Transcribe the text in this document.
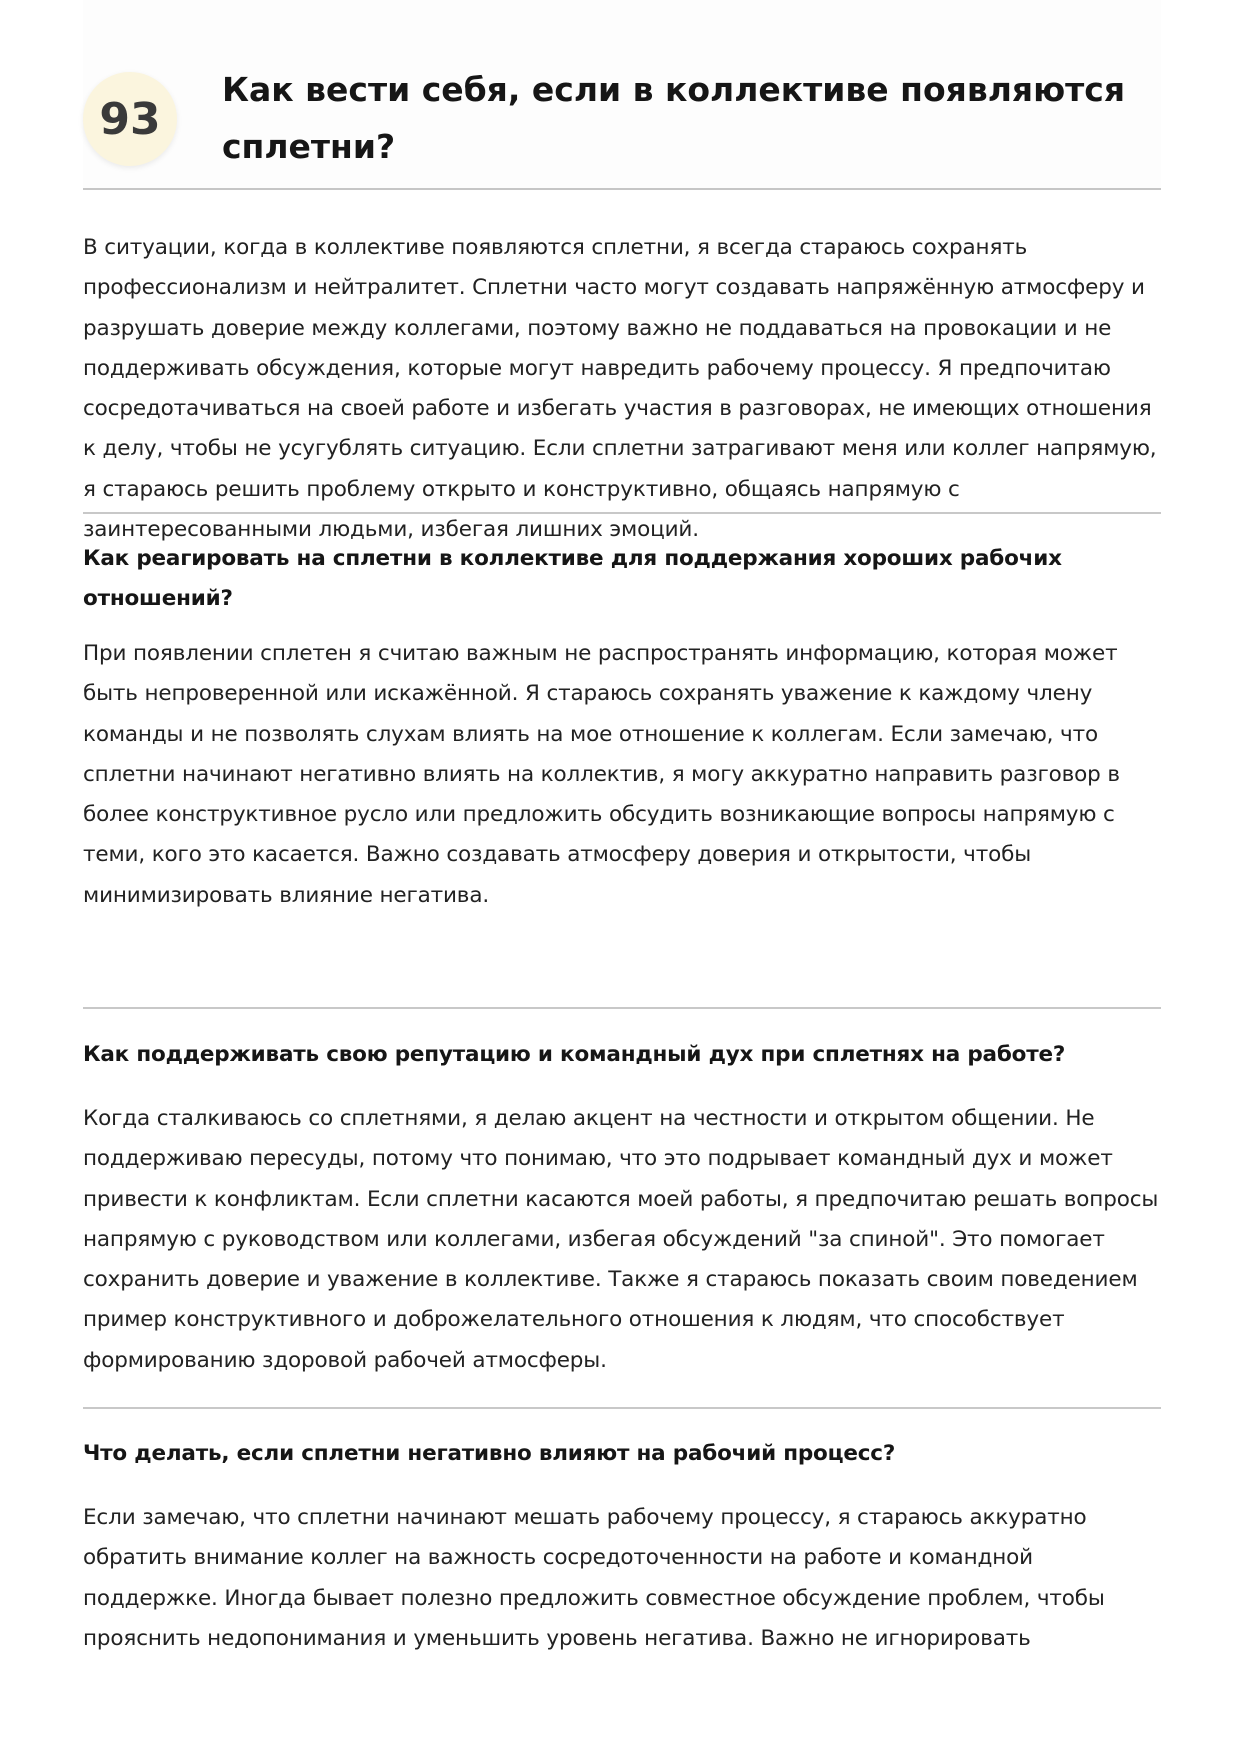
93
Как вести себя, если в коллективе появляются сплетни?

В ситуации, когда в коллективе появляются сплетни, я всегда стараюсь сохранять профессионализм и нейтралитет. Сплетни часто могут создавать напряжённую атмосферу и разрушать доверие между коллегами, поэтому важно не поддаваться на провокации и не поддерживать обсуждения, которые могут навредить рабочему процессу. Я предпочитаю сосредотачиваться на своей работе и избегать участия в разговорах, не имеющих отношения к делу, чтобы не усугублять ситуацию. Если сплетни затрагивают меня или коллег напрямую, я стараюсь решить проблему открыто и конструктивно, общаясь напрямую с заинтересованными людьми, избегая лишних эмоций.

Как реагировать на сплетни в коллективе для поддержания хороших рабочих отношений?

При появлении сплетен я считаю важным не распространять информацию, которая может быть непроверенной или искажённой. Я стараюсь сохранять уважение к каждому члену команды и не позволять слухам влиять на мое отношение к коллегам. Если замечаю, что сплетни начинают негативно влиять на коллектив, я могу аккуратно направить разговор в более конструктивное русло или предложить обсудить возникающие вопросы напрямую с теми, кого это касается. Важно создавать атмосферу доверия и открытости, чтобы минимизировать влияние негатива.

Как поддерживать свою репутацию и командный дух при сплетнях на работе?

Когда сталкиваюсь со сплетнями, я делаю акцент на честности и открытом общении. Не поддерживаю пересуды, потому что понимаю, что это подрывает командный дух и может привести к конфликтам. Если сплетни касаются моей работы, я предпочитаю решать вопросы напрямую с руководством или коллегами, избегая обсуждений "за спиной". Это помогает сохранить доверие и уважение в коллективе. Также я стараюсь показать своим поведением пример конструктивного и доброжелательного отношения к людям, что способствует формированию здоровой рабочей атмосферы.

Что делать, если сплетни негативно влияют на рабочий процесс?

Если замечаю, что сплетни начинают мешать рабочему процессу, я стараюсь аккуратно обратить внимание коллег на важность сосредоточенности на работе и командной поддержке. Иногда бывает полезно предложить совместное обсуждение проблем, чтобы прояснить недопонимания и уменьшить уровень негатива. Важно не игнорировать
